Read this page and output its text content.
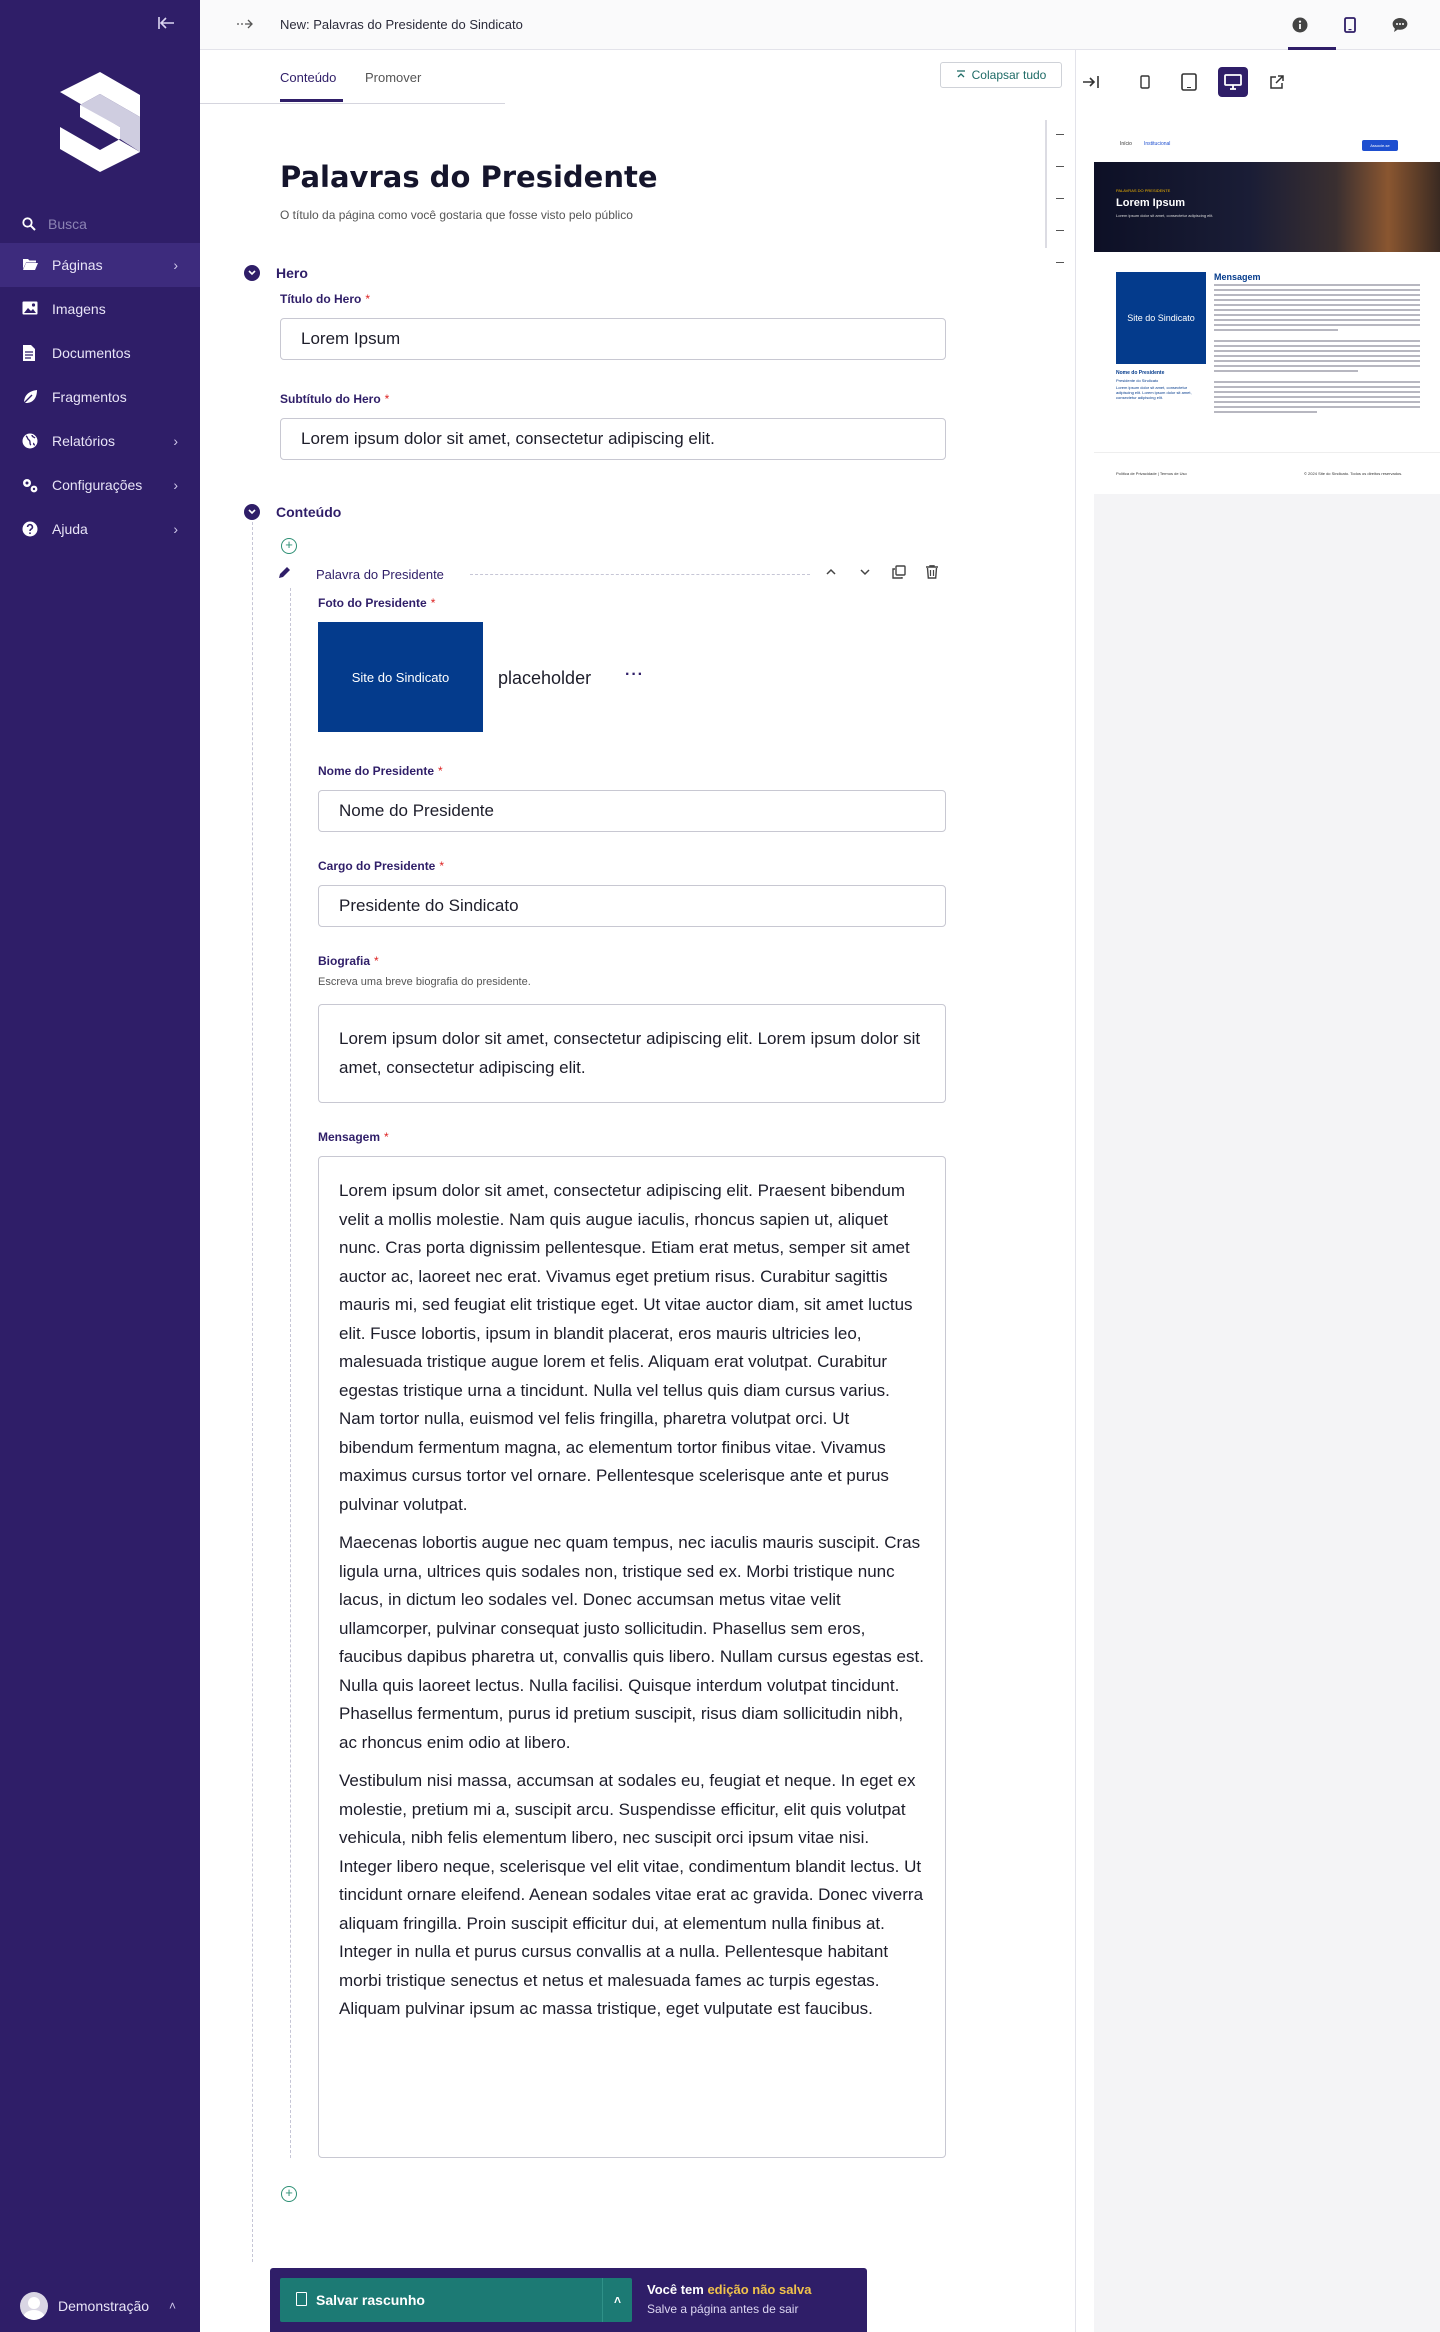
Busca
Páginas	›
Imagens
Documentos
Fragmentos
Relatórios	›
Configurações	›
Ajuda	›
Demonstração ˄
New: Palavras do Presidente do Sindicato
Conteúdo Promover	Colapsar tudo
Palavras do Presidente
O título da página como você gostaria que fosse visto pelo público
Hero
Título do Hero *
Lorem Ipsum
Subtítulo do Hero *
Lorem ipsum dolor sit amet, consectetur adipiscing elit.
Conteúdo
+
Palavra do Presidente
Foto do Presidente *
Site do Sindicato	placeholder ···
Nome do Presidente *
Nome do Presidente
Cargo do Presidente *
Presidente do Sindicato
Biografia *
Escreva uma breve biografia do presidente.

Lorem ipsum dolor sit amet, consectetur adipiscing elit. Lorem ipsum dolor sit amet, consectetur adipiscing elit.

Mensagem *

Lorem ipsum dolor sit amet, consectetur adipiscing elit. Praesent bibendum velit a mollis molestie. Nam quis augue iaculis, rhoncus sapien ut, aliquet nunc. Cras porta dignissim pellentesque. Etiam erat metus, semper sit amet auctor ac, laoreet nec erat. Vivamus eget pretium risus. Curabitur sagittis mauris mi, sed feugiat elit tristique eget. Ut vitae auctor diam, sit amet luctus elit. Fusce lobortis, ipsum in blandit placerat, eros mauris ultricies leo, malesuada tristique augue lorem et felis. Aliquam erat volutpat. Curabitur egestas tristique urna a tincidunt. Nulla vel tellus quis diam cursus varius. Nam tortor nulla, euismod vel felis fringilla, pharetra volutpat orci. Ut bibendum fermentum magna, ac elementum tortor finibus vitae. Vivamus maximus cursus tortor vel ornare. Pellentesque scelerisque ante et purus pulvinar volutpat.

Maecenas lobortis augue nec quam tempus, nec iaculis mauris suscipit. Cras ligula urna, ultrices quis sodales non, tristique sed ex. Morbi tristique nunc lacus, in dictum leo sodales vel. Donec accumsan metus vitae velit ullamcorper, pulvinar consequat justo sollicitudin. Phasellus sem eros, faucibus dapibus pharetra ut, convallis quis libero. Nullam cursus egestas est. Nulla quis laoreet lectus. Nulla facilisi. Quisque interdum volutpat tincidunt. Phasellus fermentum, purus id pretium suscipit, risus diam sollicitudin nibh, ac rhoncus enim odio at libero.

Vestibulum nisi massa, accumsan at sodales eu, feugiat et neque. In eget ex molestie, pretium mi a, suscipit arcu. Suspendisse efficitur, elit quis volutpat vehicula, nibh felis elementum libero, nec suscipit orci ipsum vitae nisi. Integer libero neque, scelerisque vel elit vitae, condimentum blandit lectus. Ut tincidunt ornare eleifend. Aenean sodales vitae erat ac gravida. Donec viverra aliquam fringilla. Proin suscipit efficitur dui, at elementum nulla finibus at. Integer in nulla et purus cursus convallis at a nulla. Pellentesque habitant morbi tristique senectus et netus et malesuada fames ac turpis egestas. Aliquam pulvinar ipsum ac massa tristique, eget vulputate est faucibus.

+
Salvar rascunho	˄
Você tem edição não salva
Salve a página antes de sair
Início Institucional	Associe-se
PALAVRAS DO PRESIDENTE
Lorem Ipsum
Lorem ipsum dolor sit amet, consectetur adipiscing elit.
Site do Sindicato
Nome do Presidente
Presidente do Sindicato
Lorem ipsum dolor sit amet, consectetur adipiscing elit. Lorem ipsum dolor sit amet, consectetur adipiscing elit.
Mensagem
Política de Privacidade | Termos de Uso	© 2024 Site do Sindicato. Todos os direitos reservados.
